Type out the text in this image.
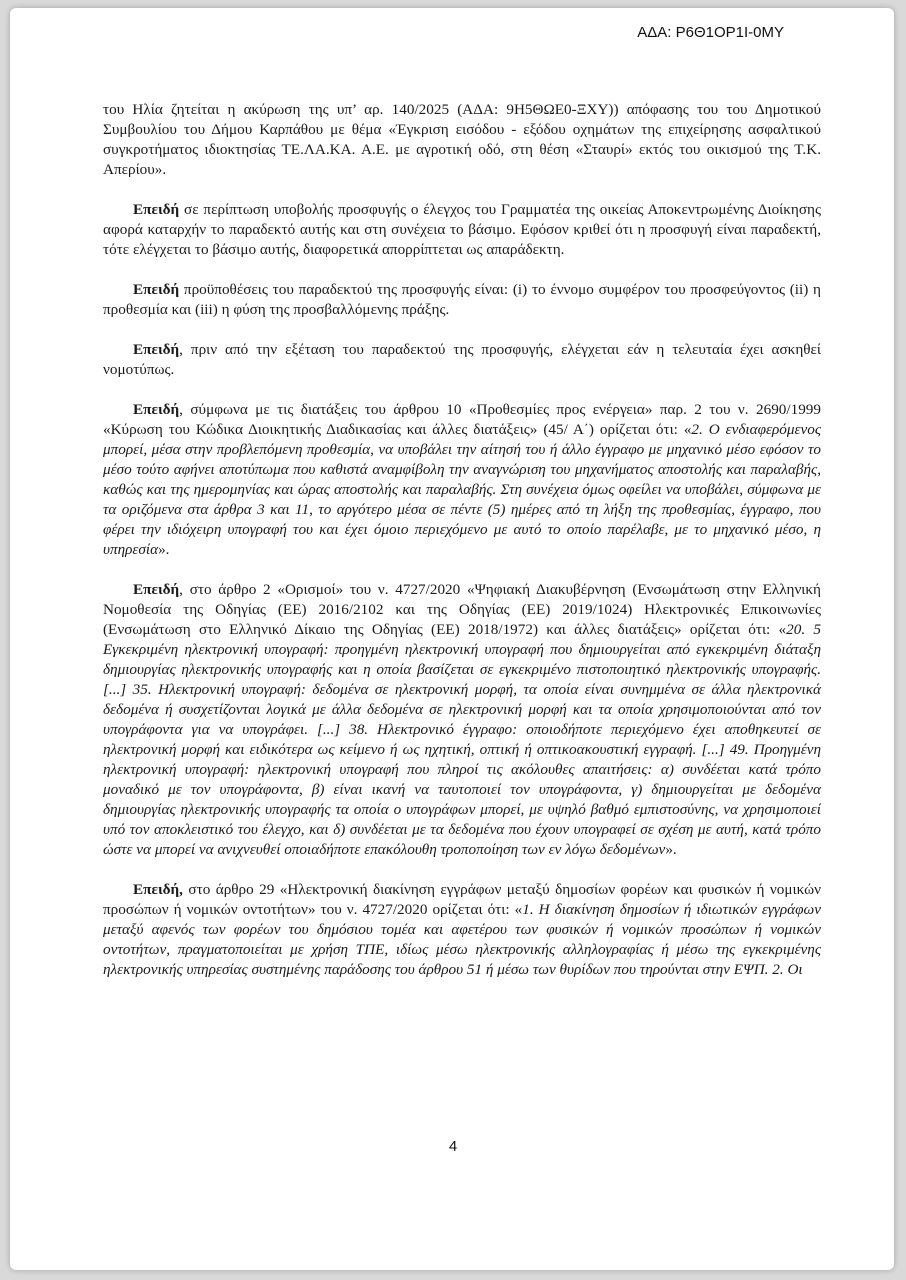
ΑΔΑ: Ρ6Θ1ΟΡ1Ι-0ΜΥ

του Ηλία ζητείται η ακύρωση της υπ’ αρ. 140/2025 (ΑΔΑ: 9Η5ΘΩΕ0-ΞΧΥ)) απόφασης του του Δημοτικού Συμβουλίου του Δήμου Καρπάθου με θέμα «Έγκριση εισόδου - εξόδου οχημάτων της επιχείρησης ασφαλτικού συγκροτήματος ιδιοκτησίας ΤΕ.ΛΑ.ΚΑ. Α.Ε. με αγροτική οδό, στη θέση «Σταυρί» εκτός του οικισμού της Τ.Κ. Απερίου».

Επειδή σε περίπτωση υποβολής προσφυγής ο έλεγχος του Γραμματέα της οικείας Αποκεντρωμένης Διοίκησης αφορά καταρχήν το παραδεκτό αυτής και στη συνέχεια το βάσιμο. Εφόσον κριθεί ότι η προσφυγή είναι παραδεκτή, τότε ελέγχεται το βάσιμο αυτής, διαφορετικά απορρίπτεται ως απαράδεκτη.

Επειδή προϋποθέσεις του παραδεκτού της προσφυγής είναι: (i) το έννομο συμφέρον του προσφεύγοντος (ii) η προθεσμία και (iii) η φύση της προσβαλλόμενης πράξης.

Επειδή, πριν από την εξέταση του παραδεκτού της προσφυγής, ελέγχεται εάν η τελευταία έχει ασκηθεί νομοτύπως.

Επειδή, σύμφωνα με τις διατάξεις του άρθρου 10 «Προθεσμίες προς ενέργεια» παρ. 2 του ν. 2690/1999 «Κύρωση του Κώδικα Διοικητικής Διαδικασίας και άλλες διατάξεις» (45/ Α΄) ορίζεται ότι: «2. Ο ενδιαφερόμενος μπορεί, μέσα στην προβλεπόμενη προθεσμία, να υποβάλει την αίτησή του ή άλλο έγγραφο με μηχανικό μέσο εφόσον το μέσο τούτο αφήνει αποτύπωμα που καθιστά αναμφίβολη την αναγνώριση του μηχανήματος αποστολής και παραλαβής, καθώς και της ημερομηνίας και ώρας αποστολής και παραλαβής. Στη συνέχεια όμως οφείλει να υποβάλει, σύμφωνα με τα οριζόμενα στα άρθρα 3 και 11, το αργότερο μέσα σε πέντε (5) ημέρες από τη λήξη της προθεσμίας, έγγραφο, που φέρει την ιδιόχειρη υπογραφή του και έχει όμοιο περιεχόμενο με αυτό το οποίο παρέλαβε, με το μηχανικό μέσο, η υπηρεσία».

Επειδή, στο άρθρο 2 «Ορισμοί» του ν. 4727/2020 «Ψηφιακή Διακυβέρνηση (Ενσωμάτωση στην Ελληνική Νομοθεσία της Οδηγίας (ΕΕ) 2016/2102 και της Οδηγίας (ΕΕ) 2019/1024) Ηλεκτρονικές Επικοινωνίες (Ενσωμάτωση στο Ελληνικό Δίκαιο της Οδηγίας (ΕΕ) 2018/1972) και άλλες διατάξεις» ορίζεται ότι: «20. 5 Εγκεκριμένη ηλεκτρονική υπογραφή: προηγμένη ηλεκτρονική υπογραφή που δημιουργείται από εγκεκριμένη διάταξη δημιουργίας ηλεκτρονικής υπογραφής και η οποία βασίζεται σε εγκεκριμένο πιστοποιητικό ηλεκτρονικής υπογραφής. [...] 35. Ηλεκτρονική υπογραφή: δεδομένα σε ηλεκτρονική μορφή, τα οποία είναι συνημμένα σε άλλα ηλεκτρονικά δεδομένα ή συσχετίζονται λογικά με άλλα δεδομένα σε ηλεκτρονική μορφή και τα οποία χρησιμοποιούνται από τον υπογράφοντα για να υπογράφει. [...] 38. Ηλεκτρονικό έγγραφο: οποιοδήποτε περιεχόμενο έχει αποθηκευτεί σε ηλεκτρονική μορφή και ειδικότερα ως κείμενο ή ως ηχητική, οπτική ή οπτικοακουστική εγγραφή. [...] 49. Προηγμένη ηλεκτρονική υπογραφή: ηλεκτρονική υπογραφή που πληροί τις ακόλουθες απαιτήσεις: α) συνδέεται κατά τρόπο μοναδικό με τον υπογράφοντα, β) είναι ικανή να ταυτοποιεί τον υπογράφοντα, γ) δημιουργείται με δεδομένα δημιουργίας ηλεκτρονικής υπογραφής τα οποία ο υπογράφων μπορεί, με υψηλό βαθμό εμπιστοσύνης, να χρησιμοποιεί υπό τον αποκλειστικό του έλεγχο, και δ) συνδέεται με τα δεδομένα που έχουν υπογραφεί σε σχέση με αυτή, κατά τρόπο ώστε να μπορεί να ανιχνευθεί οποιαδήποτε επακόλουθη τροποποίηση των εν λόγω δεδομένων».

Επειδή, στο άρθρο 29 «Ηλεκτρονική διακίνηση εγγράφων μεταξύ δημοσίων φορέων και φυσικών ή νομικών προσώπων ή νομικών οντοτήτων» του ν. 4727/2020 ορίζεται ότι: «1. Η διακίνηση δημοσίων ή ιδιωτικών εγγράφων μεταξύ αφενός των φορέων του δημόσιου τομέα και αφετέρου των φυσικών ή νομικών προσώπων ή νομικών οντοτήτων, πραγματοποιείται με χρήση ΤΠΕ, ιδίως μέσω ηλεκτρονικής αλληλογραφίας ή μέσω της εγκεκριμένης ηλεκτρονικής υπηρεσίας συστημένης παράδοσης του άρθρου 51 ή μέσω των θυρίδων που τηρούνται στην ΕΨΠ. 2. Οι

4
